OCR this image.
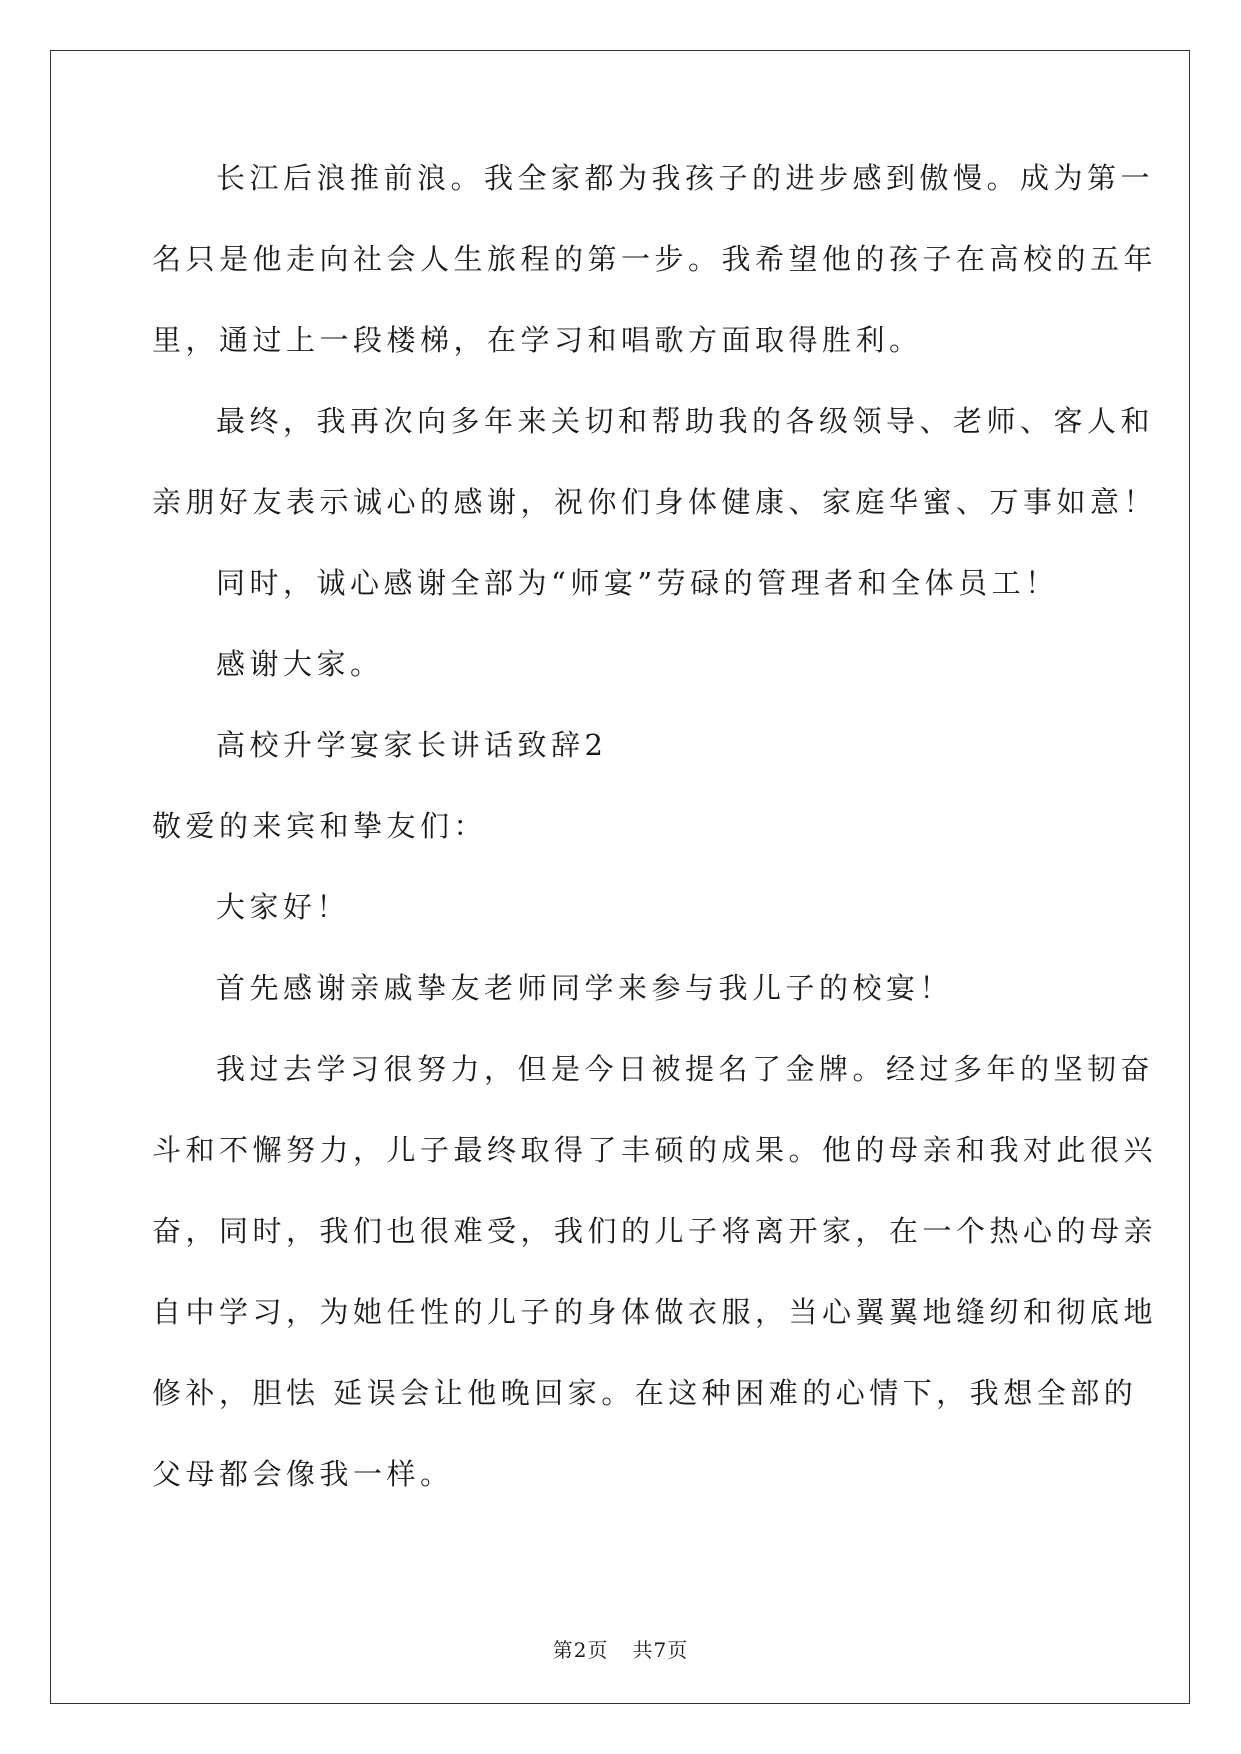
长江后浪推前浪。我全家都为我孩子的进步感到傲慢。成为第一
名只是他走向社会人生旅程的第一步。我希望他的孩子在高校的五年
里，通过上一段楼梯，在学习和唱歌方面取得胜利。
最终，我再次向多年来关切和帮助我的各级领导、老师、客人和
亲朋好友表示诚心的感谢，祝你们身体健康、家庭华蜜、万事如意！
同时，诚心感谢全部为“师宴”劳碌的管理者和全体员工！
感谢大家。
高校升学宴家长讲话致辞2
敬爱的来宾和挚友们：
大家好！
首先感谢亲戚挚友老师同学来参与我儿子的校宴！
我过去学习很努力，但是今日被提名了金牌。经过多年的坚韧奋
斗和不懈努力，儿子最终取得了丰硕的成果。他的母亲和我对此很兴
奋，同时，我们也很难受，我们的儿子将离开家，在一个热心的母亲
自中学习，为她任性的儿子的身体做衣服，当心翼翼地缝纫和彻底地
修补，胆怯 延误会让他晚回家。在这种困难的心情下，我想全部的
父母都会像我一样。
第2页 共7页
